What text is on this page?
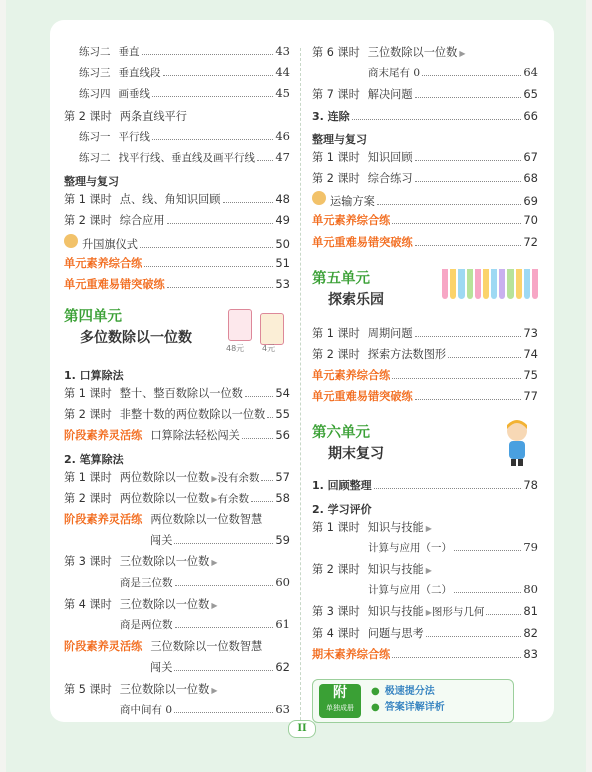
练习二 垂直	43
练习三 垂直线段	44
练习四 画垂线	45
第 2 课时 两条直线平行
练习一 平行线	46
练习二 找平行线、垂直线及画平行线 47
整理与复习
第 1 课时 点、线、角知识回顾	48
第 2 课时 综合应用	49
升国旗仪式	50
单元素养综合练	51
单元重难易错突破练	53
第四单元
多位数除以一位数
48元 4元
1. 口算除法
第 1 课时 整十、整百数除以一位数	54
第 2 课时 非整十数的两位数除以一位数 55
阶段素养灵活练 口算除法轻松闯关	56
2. 笔算除法
第 1 课时 两位数除以一位数 ▶ 没有余数 57
第 2 课时 两位数除以一位数 ▶ 有余数 58
阶段素养灵活练 两位数除以一位数智慧
闯关	59
第 3 课时 三位数除以一位数 ▶
商是三位数	60
第 4 课时 三位数除以一位数 ▶
商是两位数	61
阶段素养灵活练 三位数除以一位数智慧
闯关	62
第 5 课时 三位数除以一位数 ▶
商中间有 0	63
第 6 课时 三位数除以一位数 ▶
商末尾有 0	64
第 7 课时 解决问题	65
3. 连除	66
整理与复习
第 1 课时 知识回顾	67
第 2 课时 综合练习	68
运输方案	69
单元素养综合练	70
单元重难易错突破练	72
第五单元
探索乐园
第 1 课时 周期问题	73
第 2 课时 探索方法数图形	74
单元素养综合练	75
单元重难易错突破练	77
第六单元
期末复习
1. 回顾整理	78
2. 学习评价
第 1 课时 知识与技能 ▶
计算与应用（一）	79
第 2 课时 知识与技能 ▶
计算与应用（二）	80
第 3 课时 知识与技能 ▶ 图形与几何	81
第 4 课时 问题与思考	82
期末素养综合练	83
附
单独成册
● 极速提分法
● 答案详解详析
II
